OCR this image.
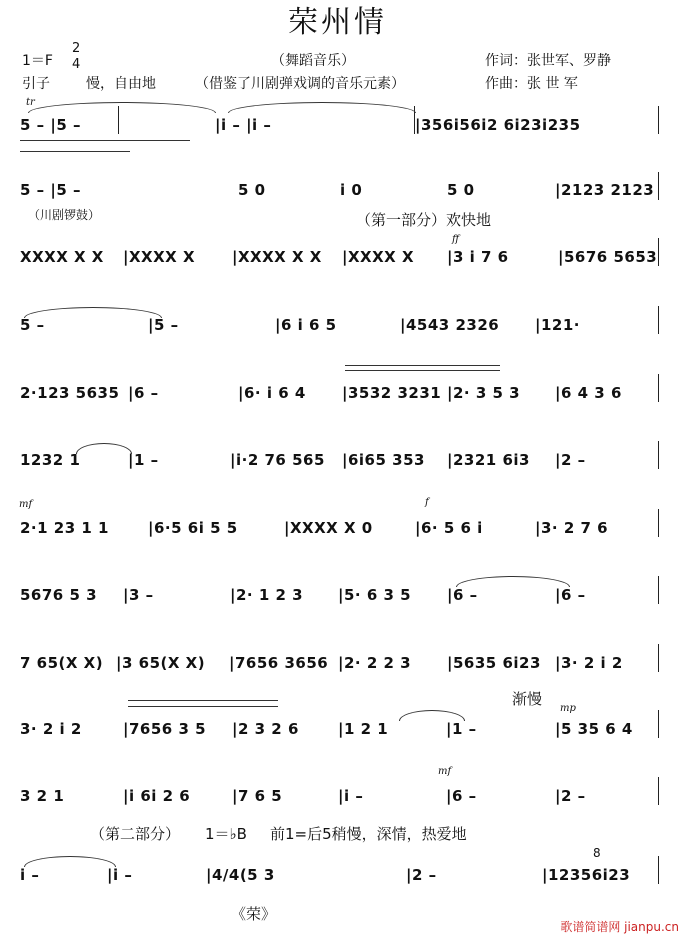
荣州情
1＝F
2
4	（舞蹈音乐）	作词：张世军、罗静
引子	慢，自由地	（借鉴了川剧弹戏调的音乐元素）	作曲：张 世 军
5 – |5 –	|i – |i –	|356i56i2 6i23i235
5 – |5 –	5 0	i 0	5 0	|2123 2123
XXXX X X |XXXX X |XXXX X X |XXXX X |3 i 7 6	|5676 5653
5 –	|5 –	|6 i 6 5	|4543 2326 |121·
2·123 5635 |6 –	|6· i 6 4 |3532 3231 |2· 3 5 3 |6 4 3 6
1232 1	|1 –	|i·2 76 565 |6i65 353 |2321 6i3 |2 –
2·1 23 1 1	|6·5 6i 5 5	|XXXX X 0	|6· 5 6 i	|3· 2 7 6
5676 5 3 |3 –	|2· 1 2 3 |5· 6 3 5 |6 –	|6 –
7 65(X X) |3 65(X X) |7656 3656 |2· 2 2 3 |5635 6i23 |3· 2 i 2
3· 2 i 2	|7656 3 5 |2 3 2 6	|1 2 1	|1 –	|5 35 6 4
3 2 1	|i 6i 2 6	|7 6 5	|i –	|6 –	|2 –
i –	|i –	|4/4(5 3	|2 –	|12356i23
tr
（川剧锣鼓）	（第一部分）欢快地
ff
mf	f
渐慢
mp
mf
（第二部分） 1＝♭B 前1=后5稍慢，深情，热爱地
8
《荣》
歌谱简谱网 jianpu.cn
